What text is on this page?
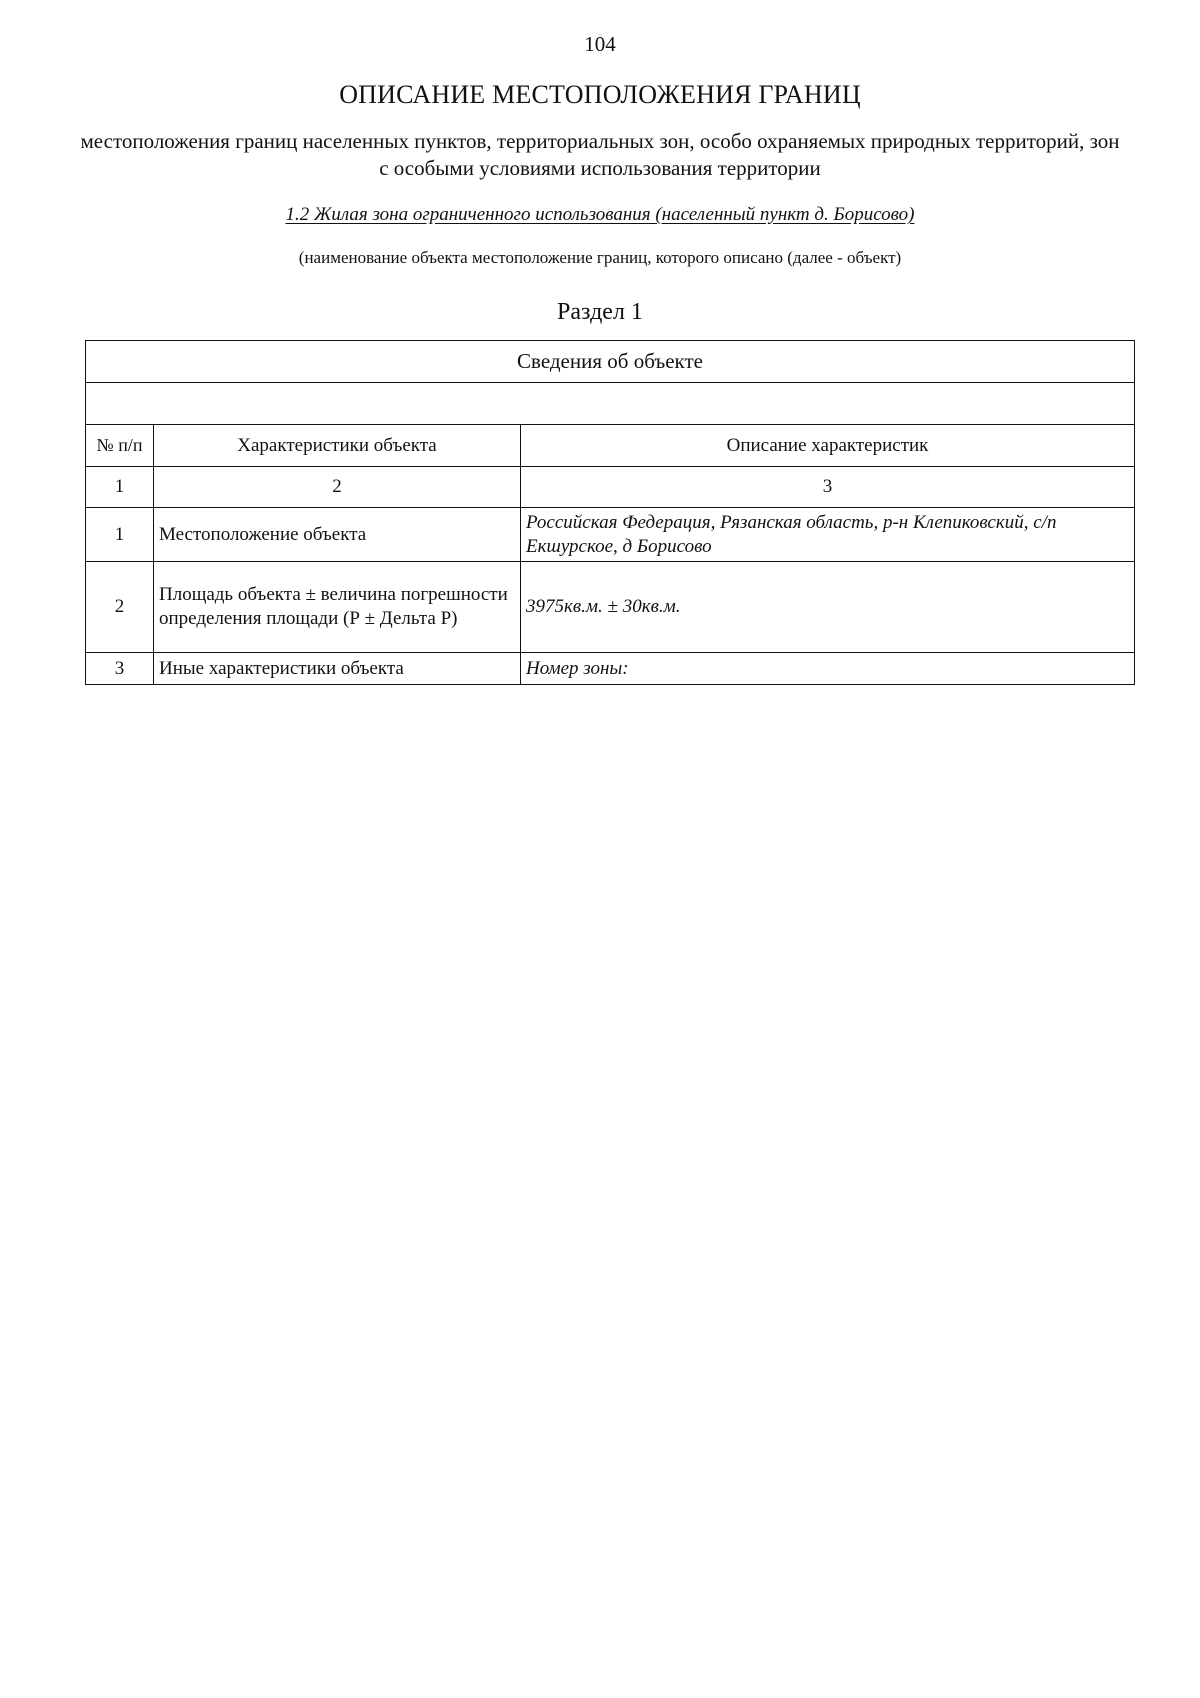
104
ОПИСАНИЕ МЕСТОПОЛОЖЕНИЯ ГРАНИЦ
местоположения границ населенных пунктов, территориальных зон, особо охраняемых природных территорий, зон с особыми условиями использования территории
1.2 Жилая зона ограниченного использования (населенный пункт д. Борисово)
(наименование объекта местоположение границ, которого описано (далее - объект)
Раздел 1
Сведения об объекте		

№ п/п	Характеристики объекта	Описание характеристик
1	2	3
1	Местоположение объекта	Российская Федерация, Рязанская область, р-н Клепиковский, с/п Екшурское, д Борисово
2	Площадь объекта ± величина погрешности определения площади (Р ± Дельта Р)	3975кв.м. ± 30кв.м.
3	Иные характеристики объекта	Номер зоны:
